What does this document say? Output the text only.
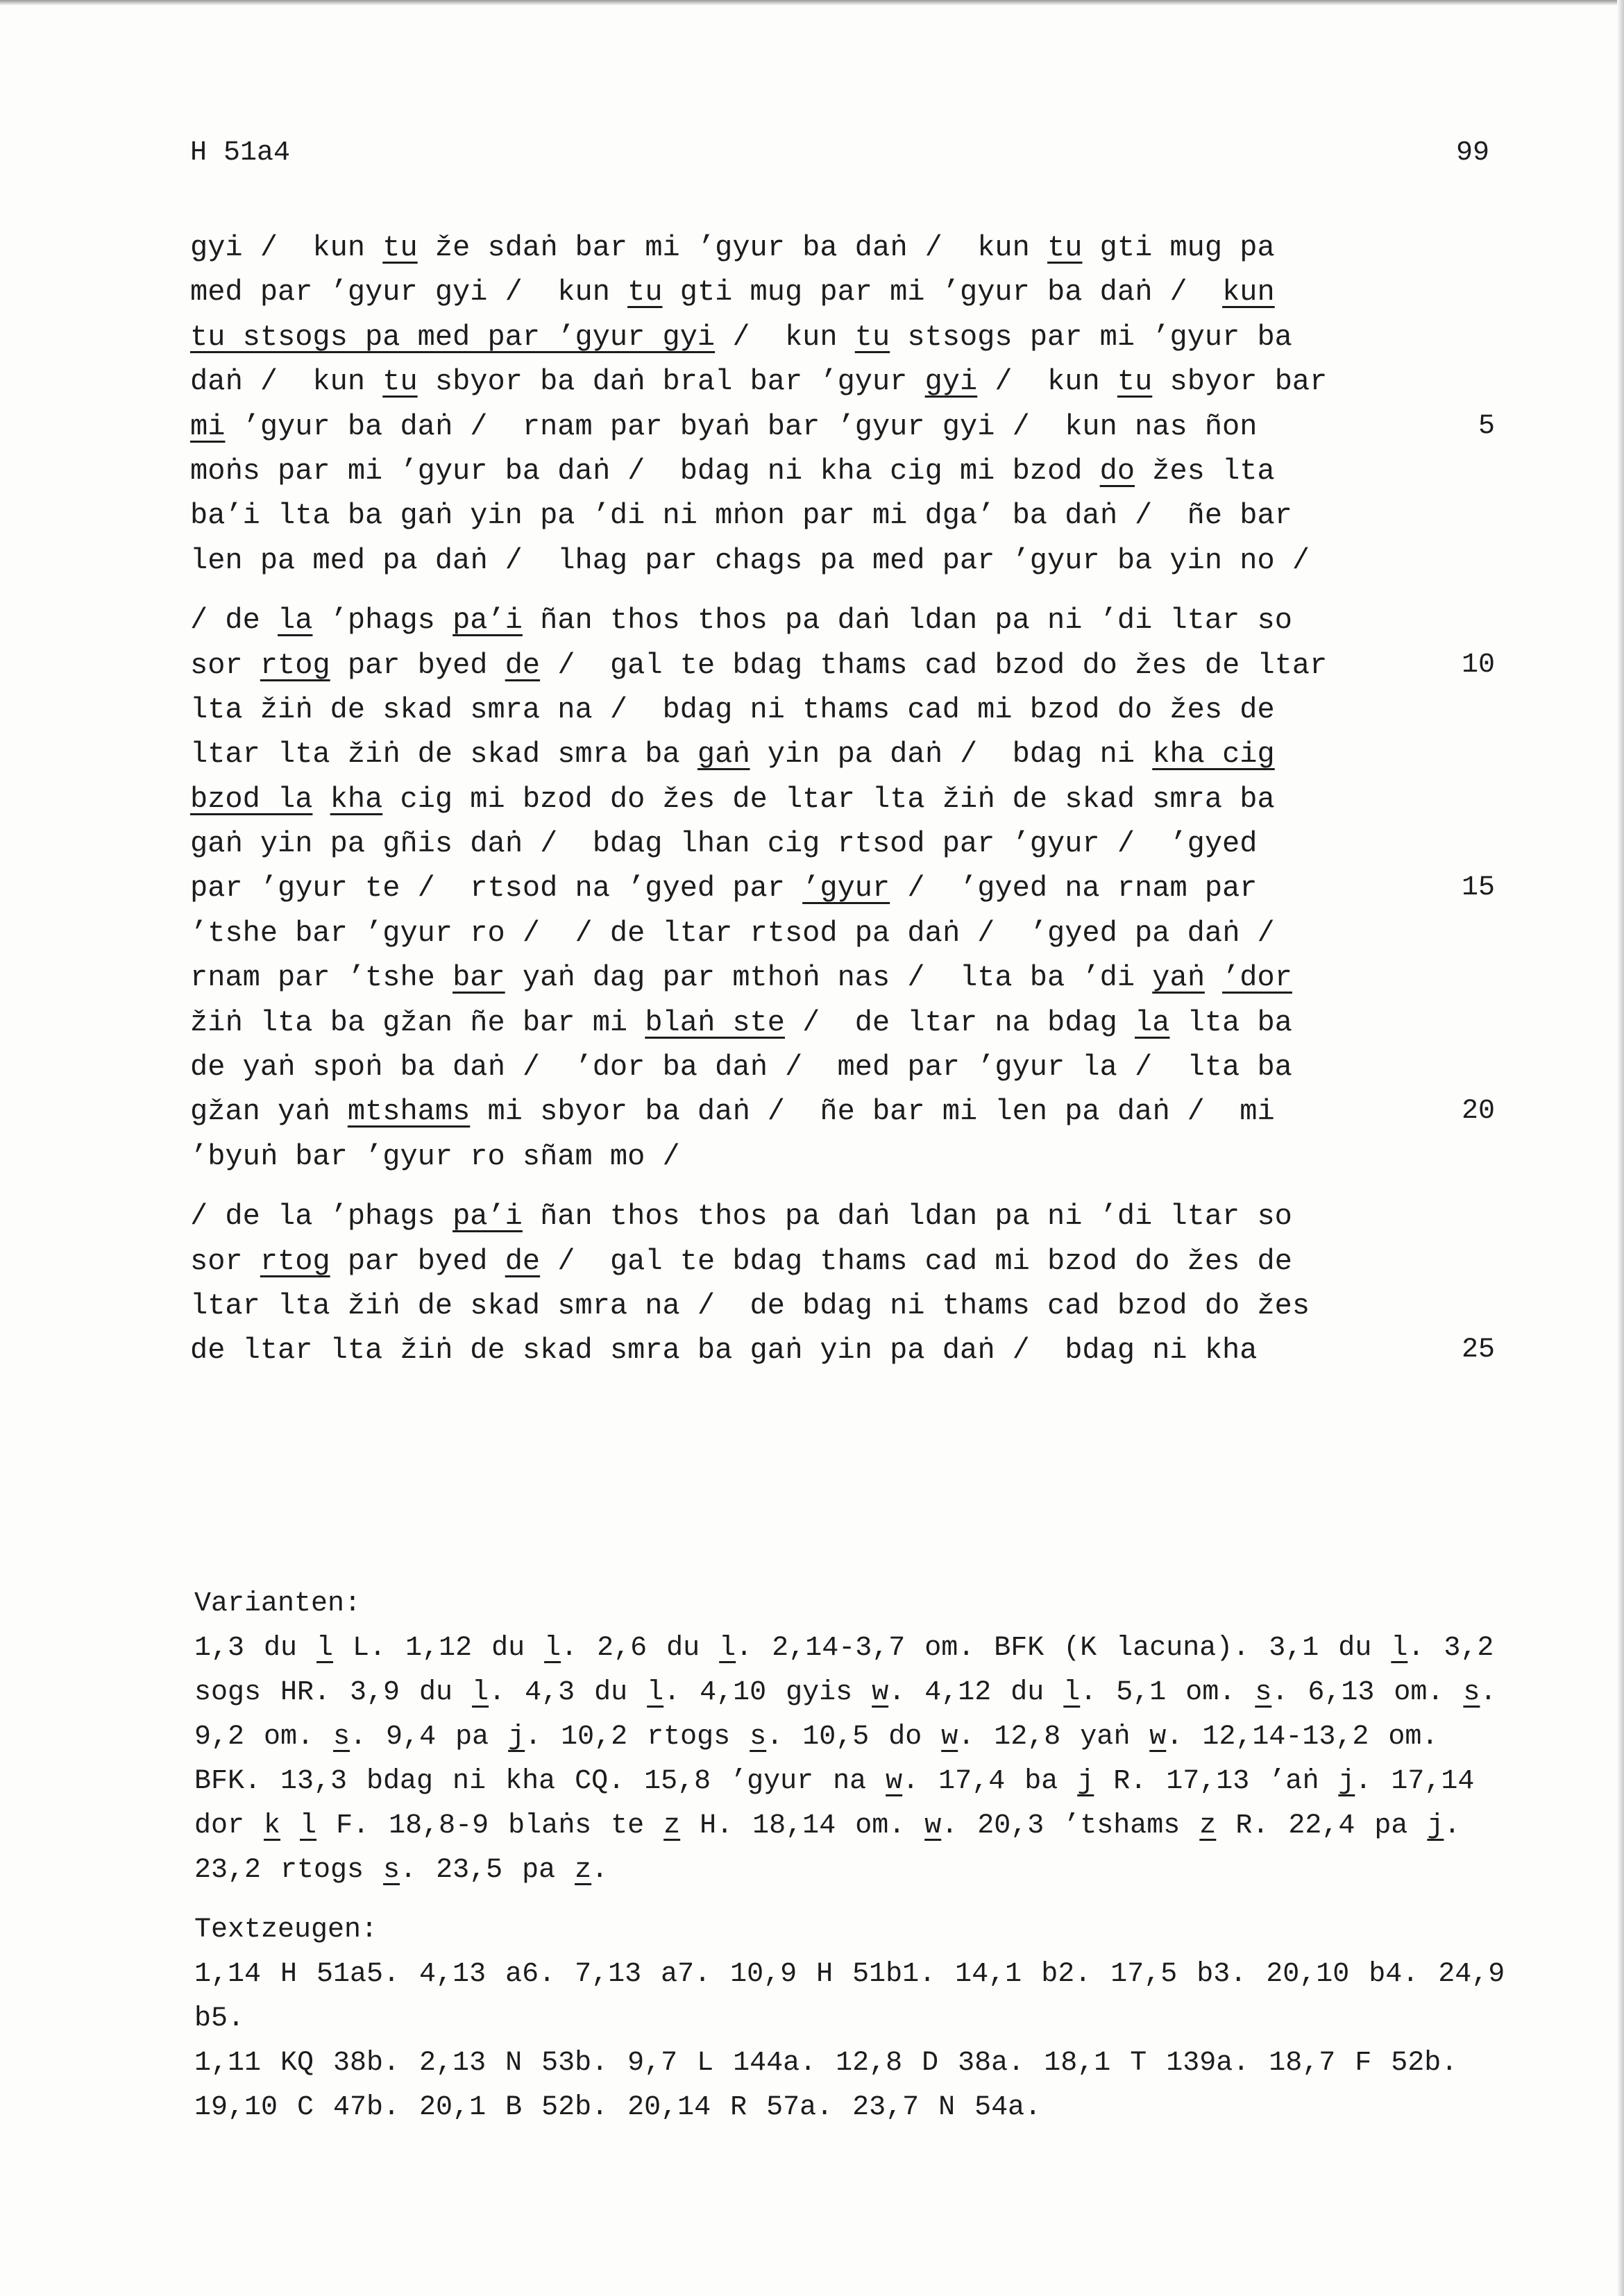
H 51a4	99
gyi /  kun tu že sdaṅ bar mi ’gyur ba daṅ /  kun tu gti mug pa
med par ’gyur gyi /  kun tu gti mug par mi ’gyur ba daṅ /  kun
tu stsogs pa med par ’gyur gyi /  kun tu stsogs par mi ’gyur ba
daṅ /  kun tu sbyor ba daṅ bral bar ’gyur gyi /  kun tu sbyor bar
mi ’gyur ba daṅ /  rnam par byaṅ bar ’gyur gyi /  kun nas ñon	5
moṅs par mi ’gyur ba daṅ /  bdag ni kha cig mi bzod do žes lta
ba’i lta ba gaṅ yin pa ’di ni mṅon par mi dga’ ba daṅ /  ñe bar
len pa med pa daṅ /  lhag par chags pa med par ’gyur ba yin no /
/ de la ’phags pa’i ñan thos thos pa daṅ ldan pa ni ’di ltar so
sor rtog par byed de /  gal te bdag thams cad bzod do žes de ltar	10
lta žiṅ de skad smra na /  bdag ni thams cad mi bzod do žes de
ltar lta žiṅ de skad smra ba gaṅ yin pa daṅ /  bdag ni kha cig
bzod la kha cig mi bzod do žes de ltar lta žiṅ de skad smra ba
gaṅ yin pa gñis daṅ /  bdag lhan cig rtsod par ’gyur /  ’gyed
par ’gyur te /  rtsod na ’gyed par ’gyur /  ’gyed na rnam par	15
’tshe bar ’gyur ro /  / de ltar rtsod pa daṅ /  ’gyed pa daṅ /
rnam par ’tshe bar yaṅ dag par mthoṅ nas /  lta ba ’di yaṅ ’dor
žiṅ lta ba gžan ñe bar mi blaṅ ste /  de ltar na bdag la lta ba
de yaṅ spoṅ ba daṅ /  ’dor ba daṅ /  med par ’gyur la /  lta ba
gžan yaṅ mtshams mi sbyor ba daṅ /  ñe bar mi len pa daṅ /  mi	20
’byuṅ bar ’gyur ro sñam mo /
/ de la ’phags pa’i ñan thos thos pa daṅ ldan pa ni ’di ltar so
sor rtog par byed de /  gal te bdag thams cad mi bzod do žes de
ltar lta žiṅ de skad smra na /  de bdag ni thams cad bzod do žes
de ltar lta žiṅ de skad smra ba gaṅ yin pa daṅ /  bdag ni kha	25
Varianten:
1,3 du l L. 1,12 du l. 2,6 du l. 2,14-3,7 om. BFK (K lacuna). 3,1 du l. 3,2 sogs HR. 3,9 du l. 4,3 du l. 4,10 gyis w. 4,12 du l. 5,1 om. s. 6,13 om. s. 9,2 om. s. 9,4 pa j. 10,2 rtogs s. 10,5 do w. 12,8 yaṅ w. 12,14-13,2 om. BFK. 13,3 bdag ni kha CQ. 15,8 ’gyur na w. 17,4 ba j R. 17,13 ’aṅ j. 17,14 dor k l F. 18,8-9 blaṅs te z H. 18,14 om. w. 20,3 ’tshams z R. 22,4 pa j. 23,2 rtogs s. 23,5 pa z.
Textzeugen:
1,14 H 51a5. 4,13 a6. 7,13 a7. 10,9 H 51b1. 14,1 b2. 17,5 b3. 20,10 b4. 24,9 b5.
1,11 KQ 38b. 2,13 N 53b. 9,7 L 144a. 12,8 D 38a. 18,1 T 139a. 18,7 F 52b. 19,10 C 47b. 20,1 B 52b. 20,14 R 57a. 23,7 N 54a.
